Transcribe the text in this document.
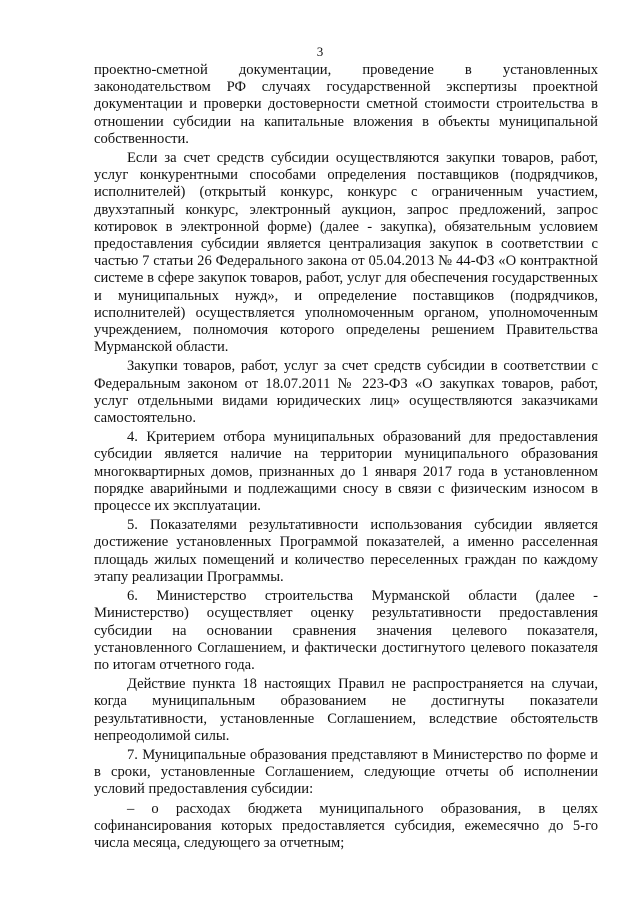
3

проектно-сметной документации, проведение в установленных законодательством РФ случаях государственной экспертизы проектной документации и проверки достоверности сметной стоимости строительства в отношении субсидии на капитальные вложения в объекты муниципальной собственности.

Если за счет средств субсидии осуществляются закупки товаров, работ, услуг конкурентными способами определения поставщиков (подрядчиков, исполнителей) (открытый конкурс, конкурс с ограниченным участием, двухэтапный конкурс, электронный аукцион, запрос предложений, запрос котировок в электронной форме) (далее - закупка), обязательным условием предоставления субсидии является централизация закупок в соответствии с частью 7 статьи 26 Федерального закона от 05.04.2013 № 44-ФЗ «О контрактной системе в сфере закупок товаров, работ, услуг для обеспечения государственных и муниципальных нужд», и определение поставщиков (подрядчиков, исполнителей) осуществляется уполномоченным органом, уполномоченным учреждением, полномочия которого определены решением Правительства Мурманской области.

Закупки товаров, работ, услуг за счет средств субсидии в соответствии с Федеральным законом от 18.07.2011 № 223-ФЗ «О закупках товаров, работ, услуг отдельными видами юридических лиц» осуществляются заказчиками самостоятельно.

4. Критерием отбора муниципальных образований для предоставления субсидии является наличие на территории муниципального образования многоквартирных домов, признанных до 1 января 2017 года в установленном порядке аварийными и подлежащими сносу в связи с физическим износом в процессе их эксплуатации.

5. Показателями результативности использования субсидии является достижение установленных Программой показателей, а именно расселенная площадь жилых помещений и количество переселенных граждан по каждому этапу реализации Программы.

6. Министерство строительства Мурманской области (далее - Министерство) осуществляет оценку результативности предоставления субсидии на основании сравнения значения целевого показателя, установленного Соглашением, и фактически достигнутого целевого показателя по итогам отчетного года.

Действие пункта 18 настоящих Правил не распространяется на случаи, когда муниципальным образованием не достигнуты показатели результативности, установленные Соглашением, вследствие обстоятельств непреодолимой силы.

7. Муниципальные образования представляют в Министерство по форме и в сроки, установленные Соглашением, следующие отчеты об исполнении условий предоставления субсидии:

– о расходах бюджета муниципального образования, в целях софинансирования которых предоставляется субсидия, ежемесячно до 5-го числа месяца, следующего за отчетным;
